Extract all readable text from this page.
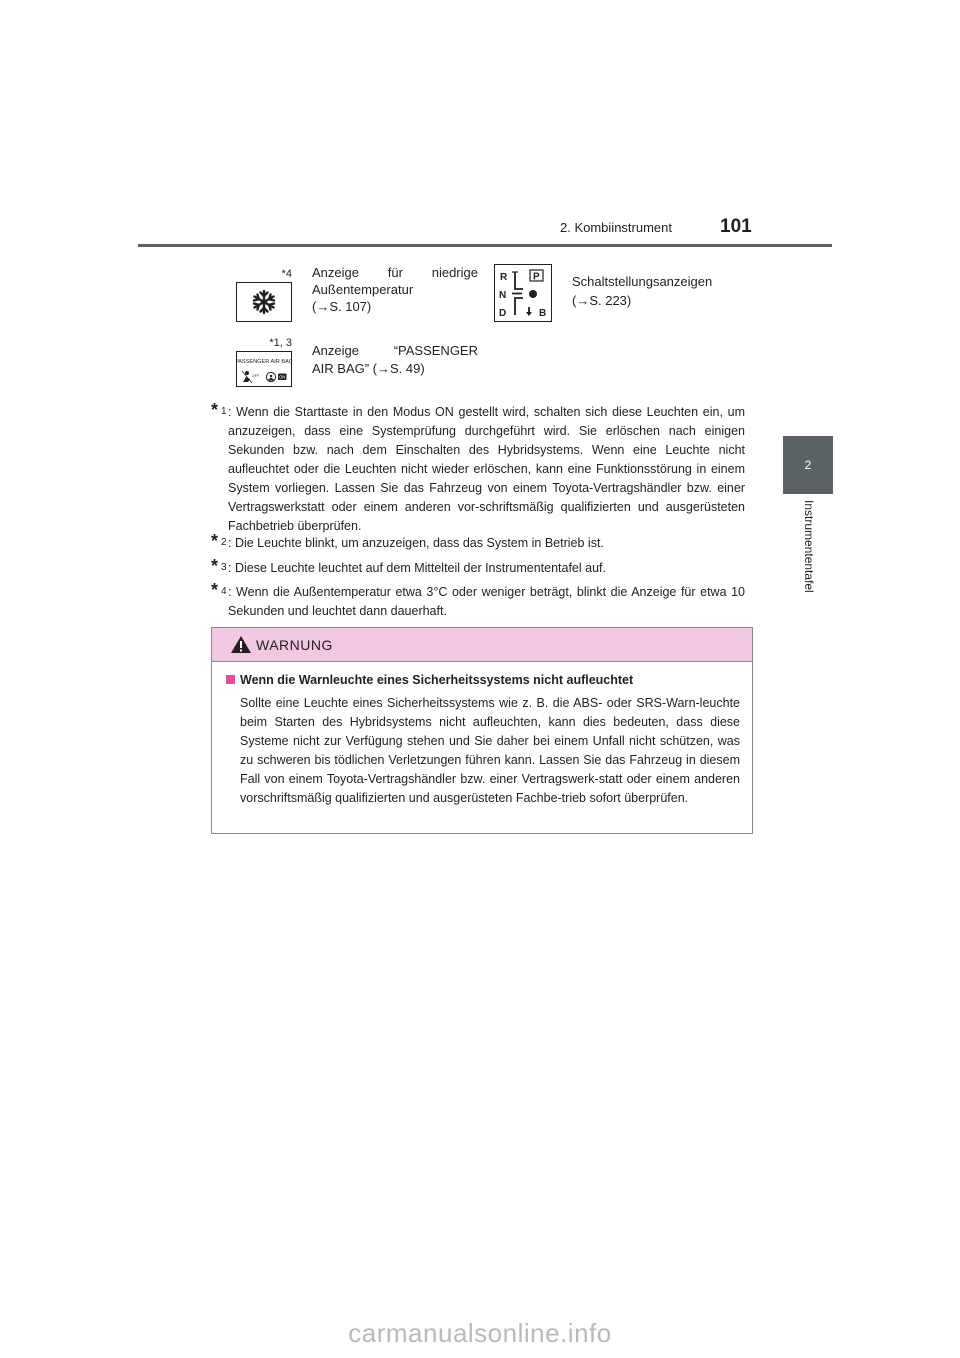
2. Kombiinstrument	101
2
Instrumententafel
*4 Anzeige für niedrige
Außentemperatur
(→S. 107)
R	P
N
D	B
Schaltstellungsanzeigen
(→S. 223)
*1, 3
PASSENGER AIR BAG
OFF	ON
Anzeige “PASSENGER
AIR BAG” (→S. 49)
* 1 : Wenn die Starttaste in den Modus ON gestellt wird, schalten sich diese Leuchten ein, um anzuzeigen, dass eine Systemprüfung durchgeführt wird. Sie erlöschen nach einigen Sekunden bzw. nach dem Einschalten des Hybridsystems. Wenn eine Leuchte nicht aufleuchtet oder die Leuchten nicht wieder erlöschen, kann eine Funktionsstörung in einem System vorliegen. Lassen Sie das Fahrzeug von einem Toyota-Vertragshändler bzw. einer Vertragswerkstatt oder einem anderen vor-schriftsmäßig qualifizierten und ausgerüsteten Fachbetrieb überprüfen.
* 2 : Die Leuchte blinkt, um anzuzeigen, dass das System in Betrieb ist.
* 3 : Diese Leuchte leuchtet auf dem Mittelteil der Instrumententafel auf.
* 4 : Wenn die Außentemperatur etwa 3°C oder weniger beträgt, blinkt die Anzeige für etwa 10 Sekunden und leuchtet dann dauerhaft.
WARNUNG
Wenn die Warnleuchte eines Sicherheitssystems nicht aufleuchtet
Sollte eine Leuchte eines Sicherheitssystems wie z. B. die ABS- oder SRS-Warn-leuchte beim Starten des Hybridsystems nicht aufleuchten, kann dies bedeuten, dass diese Systeme nicht zur Verfügung stehen und Sie daher bei einem Unfall nicht schützen, was zu schweren bis tödlichen Verletzungen führen kann. Lassen Sie das Fahrzeug in diesem Fall von einem Toyota-Vertragshändler bzw. einer Vertragswerk-statt oder einem anderen vorschriftsmäßig qualifizierten und ausgerüsteten Fachbe-trieb sofort überprüfen.
carmanualsonline.info
